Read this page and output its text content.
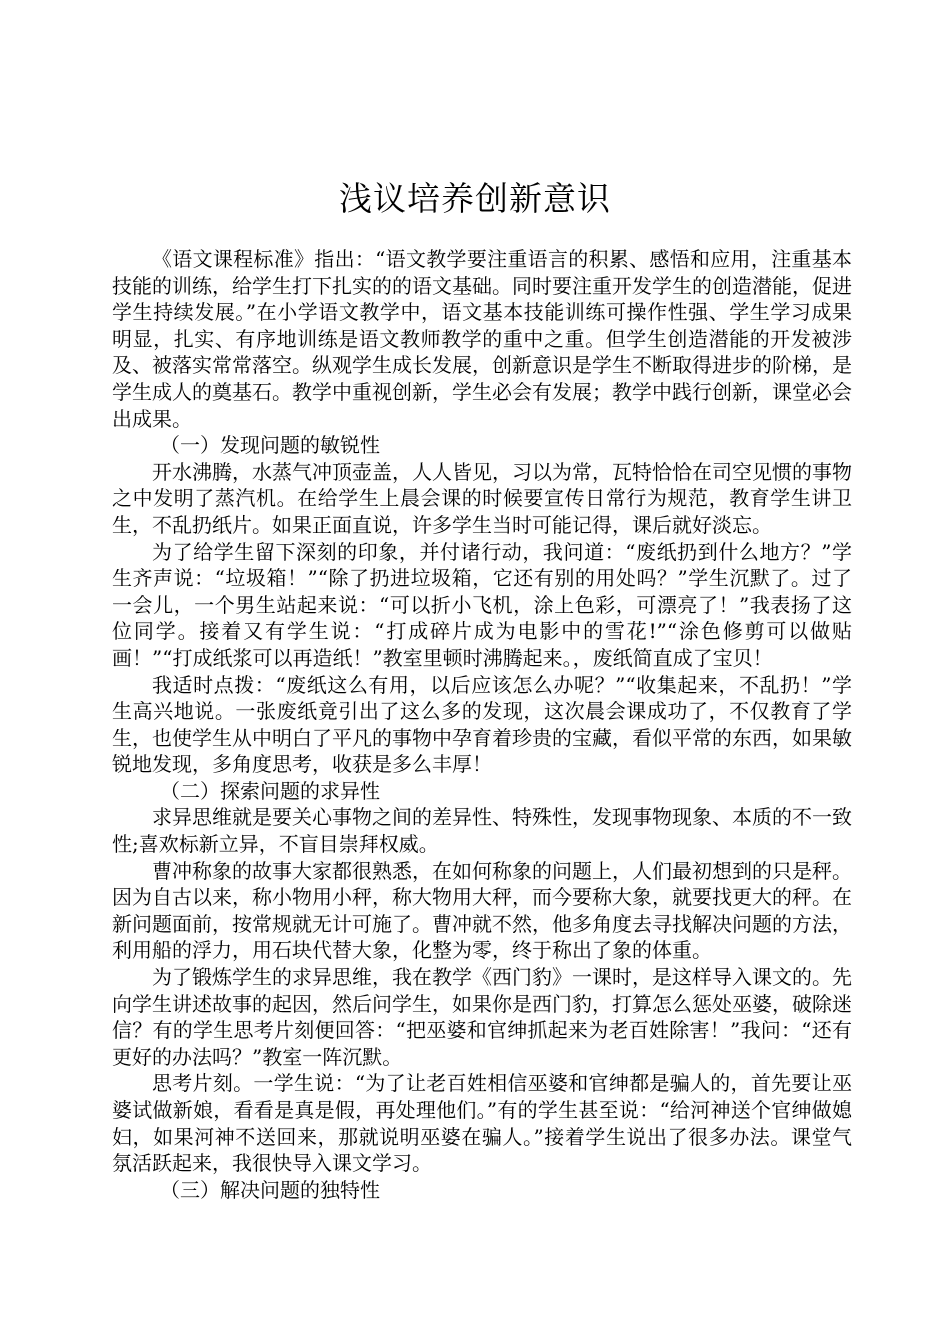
浅议培养创新意识

《语文课程标准》指出：“语文教学要注重语言的积累、感悟和应用，注重基本技能的训练，给学生打下扎实的的语文基础。同时要注重开发学生的创造潜能，促进学生持续发展。”在小学语文教学中，语文基本技能训练可操作性强、学生学习成果明显，扎实、有序地训练是语文教师教学的重中之重。但学生创造潜能的开发被涉及、被落实常常落空。纵观学生成长发展，创新意识是学生不断取得进步的阶梯，是学生成人的奠基石。教学中重视创新，学生必会有发展；教学中践行创新，课堂必会出成果。

（一）发现问题的敏锐性

开水沸腾，水蒸气冲顶壶盖，人人皆见，习以为常，瓦特恰恰在司空见惯的事物之中发明了蒸汽机。在给学生上晨会课的时候要宣传日常行为规范，教育学生讲卫生，不乱扔纸片。如果正面直说，许多学生当时可能记得，课后就好淡忘。

为了给学生留下深刻的印象，并付诸行动，我问道：“废纸扔到什么地方？”学生齐声说：“垃圾箱！”“除了扔进垃圾箱，它还有别的用处吗？”学生沉默了。过了一会儿，一个男生站起来说：“可以折小飞机，涂上色彩，可漂亮了！”我表扬了这位同学。接着又有学生说：“打成碎片成为电影中的雪花!”“涂色修剪可以做贴画！”“打成纸浆可以再造纸！”教室里顿时沸腾起来。，废纸简直成了宝贝！

我适时点拨：“废纸这么有用，以后应该怎么办呢？”“收集起来，不乱扔！”学生高兴地说。一张废纸竟引出了这么多的发现，这次晨会课成功了，不仅教育了学生，也使学生从中明白了平凡的事物中孕育着珍贵的宝藏，看似平常的东西，如果敏锐地发现，多角度思考，收获是多么丰厚！

（二）探索问题的求异性

求异思维就是要关心事物之间的差异性、特殊性，发现事物现象、本质的不一致性;喜欢标新立异，不盲目崇拜权威。

曹冲称象的故事大家都很熟悉，在如何称象的问题上，人们最初想到的只是秤。因为自古以来，称小物用小秤，称大物用大秤，而今要称大象，就要找更大的秤。在新问题面前，按常规就无计可施了。曹冲就不然，他多角度去寻找解决问题的方法，利用船的浮力，用石块代替大象，化整为零，终于称出了象的体重。

为了锻炼学生的求异思维，我在教学《西门豹》一课时，是这样导入课文的。先向学生讲述故事的起因，然后问学生，如果你是西门豹，打算怎么惩处巫婆，破除迷信？有的学生思考片刻便回答：“把巫婆和官绅抓起来为老百姓除害！”我问：“还有更好的办法吗？”教室一阵沉默。

思考片刻。一学生说：“为了让老百姓相信巫婆和官绅都是骗人的，首先要让巫婆试做新娘，看看是真是假，再处理他们。”有的学生甚至说：“给河神送个官绅做媳妇，如果河神不送回来，那就说明巫婆在骗人。”接着学生说出了很多办法。课堂气氛活跃起来，我很快导入课文学习。

（三）解决问题的独特性
